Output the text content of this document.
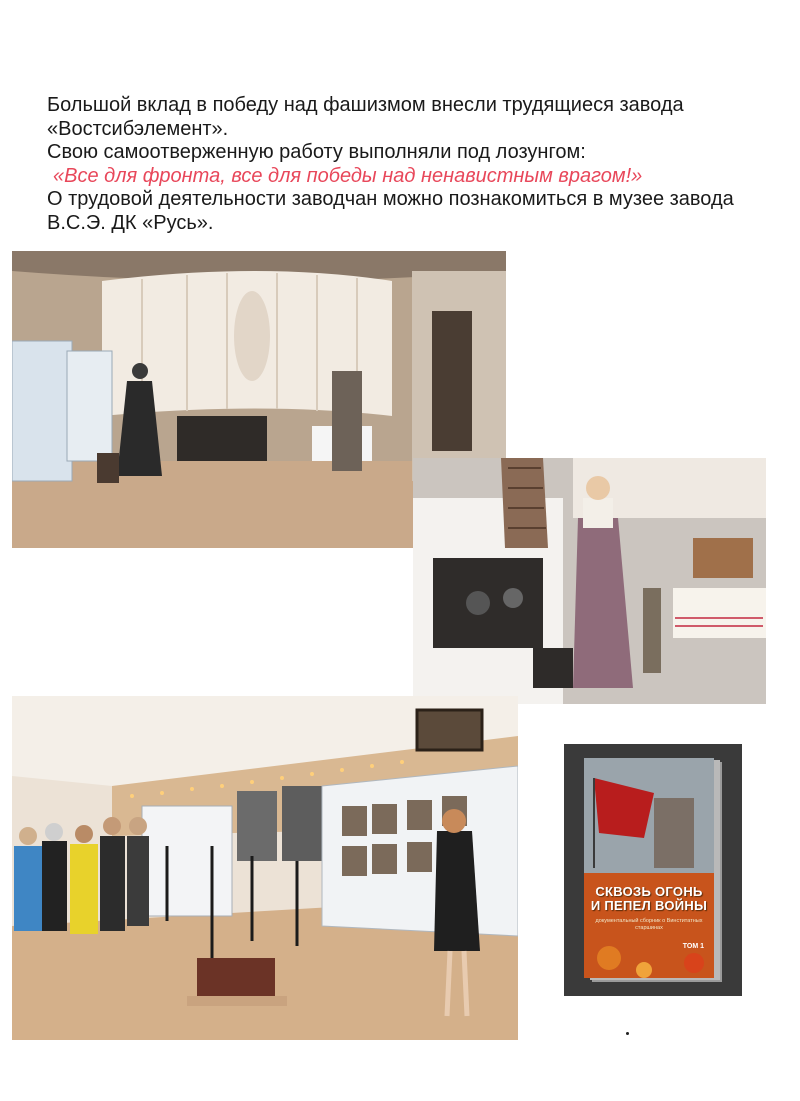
Большой вклад в победу над фашизмом внесли трудящиеся завода «Востсибэлемент».

Свою самоотверженную работу выполняли под лозунгом:

«Все для фронта, все для победы над ненавистным врагом!»

О трудовой деятельности заводчан можно познакомиться в музее завода В.С.Э. ДК «Русь».

СКВОЗЬ ОГОНЬ
И ПЕПЕЛ ВОЙНЫ
документальный сборник о Винститатных старшинах
ТОМ 1
